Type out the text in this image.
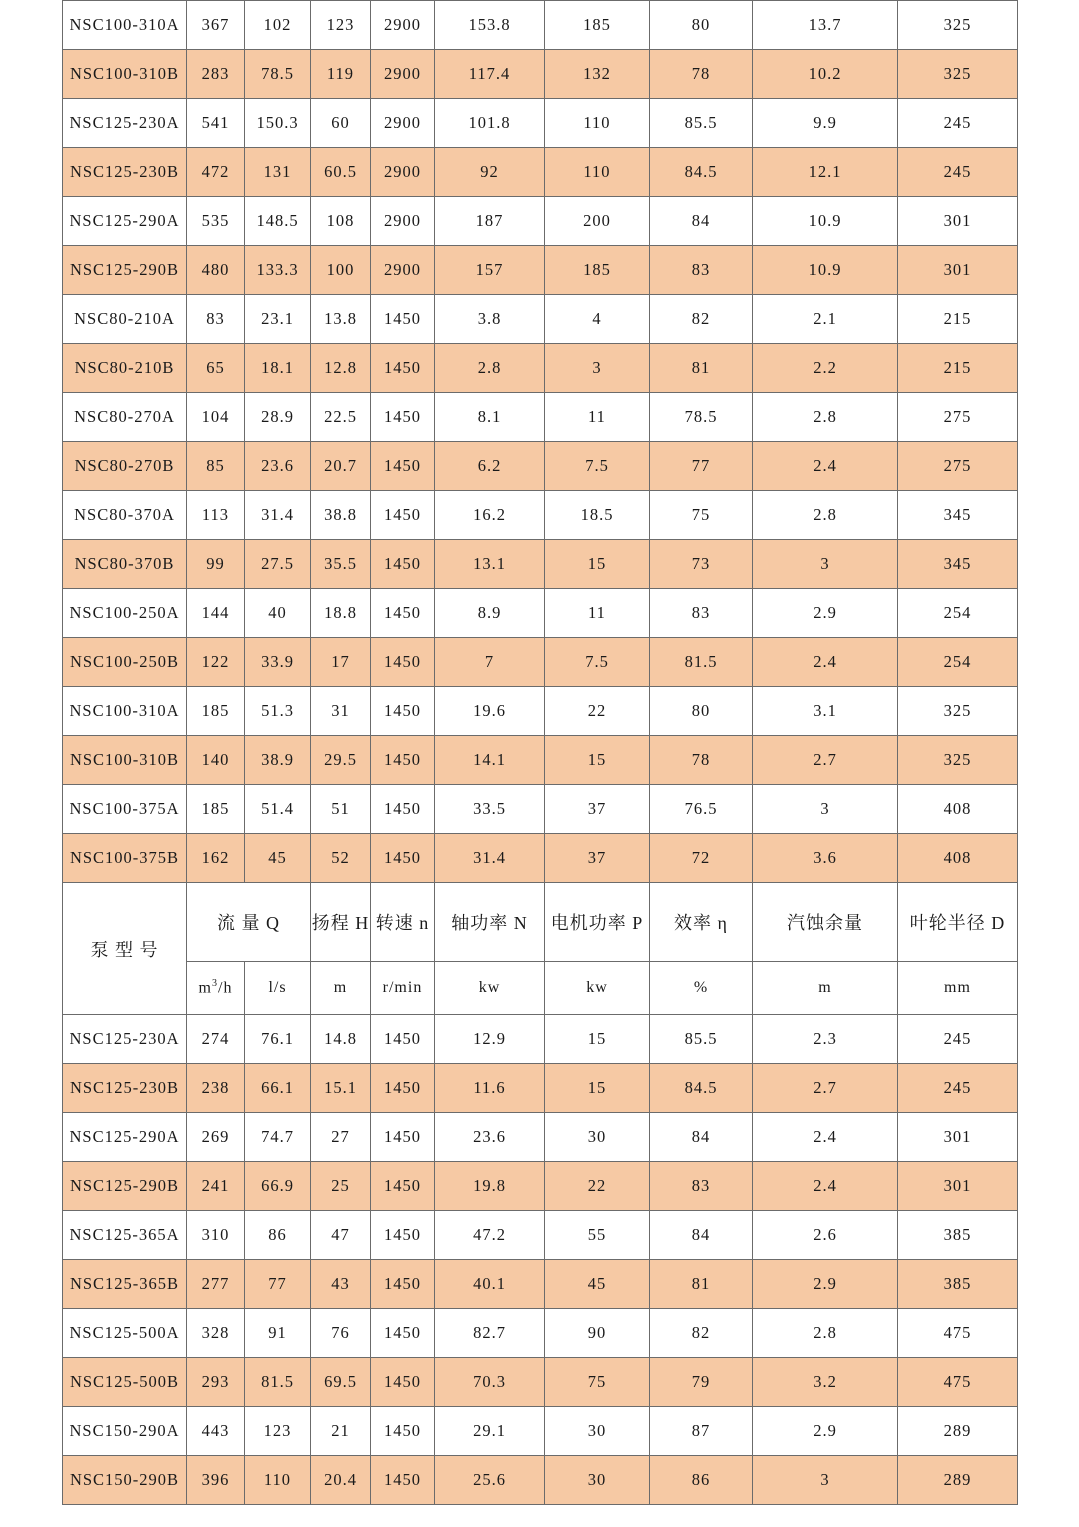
NSC100-310A	367	102	123	2900	153.8	185	80	13.7	325
NSC100-310B	283	78.5	119	2900	117.4	132	78	10.2	325
NSC125-230A	541	150.3	60	2900	101.8	110	85.5	9.9	245
NSC125-230B	472	131	60.5	2900	92	110	84.5	12.1	245
NSC125-290A	535	148.5	108	2900	187	200	84	10.9	301
NSC125-290B	480	133.3	100	2900	157	185	83	10.9	301
NSC80-210A	83	23.1	13.8	1450	3.8	4	82	2.1	215
NSC80-210B	65	18.1	12.8	1450	2.8	3	81	2.2	215
NSC80-270A	104	28.9	22.5	1450	8.1	11	78.5	2.8	275
NSC80-270B	85	23.6	20.7	1450	6.2	7.5	77	2.4	275
NSC80-370A	113	31.4	38.8	1450	16.2	18.5	75	2.8	345
NSC80-370B	99	27.5	35.5	1450	13.1	15	73	3	345
NSC100-250A	144	40	18.8	1450	8.9	11	83	2.9	254
NSC100-250B	122	33.9	17	1450	7	7.5	81.5	2.4	254
NSC100-310A	185	51.3	31	1450	19.6	22	80	3.1	325
NSC100-310B	140	38.9	29.5	1450	14.1	15	78	2.7	325
NSC100-375A	185	51.4	51	1450	33.5	37	76.5	3	408
NSC100-375B	162	45	52	1450	31.4	37	72	3.6	408
泵 型 号	流 量 Q		扬程 H	转速 n	轴功率 N	电机功率 P	效率 η	汽蚀余量	叶轮半径 D
	$m^3/h$	l/s	m	r/min	kw	kw	%	m	mm
NSC125-230A	274	76.1	14.8	1450	12.9	15	85.5	2.3	245
NSC125-230B	238	66.1	15.1	1450	11.6	15	84.5	2.7	245
NSC125-290A	269	74.7	27	1450	23.6	30	84	2.4	301
NSC125-290B	241	66.9	25	1450	19.8	22	83	2.4	301
NSC125-365A	310	86	47	1450	47.2	55	84	2.6	385
NSC125-365B	277	77	43	1450	40.1	45	81	2.9	385
NSC125-500A	328	91	76	1450	82.7	90	82	2.8	475
NSC125-500B	293	81.5	69.5	1450	70.3	75	79	3.2	475
NSC150-290A	443	123	21	1450	29.1	30	87	2.9	289
NSC150-290B	396	110	20.4	1450	25.6	30	86	3	289
